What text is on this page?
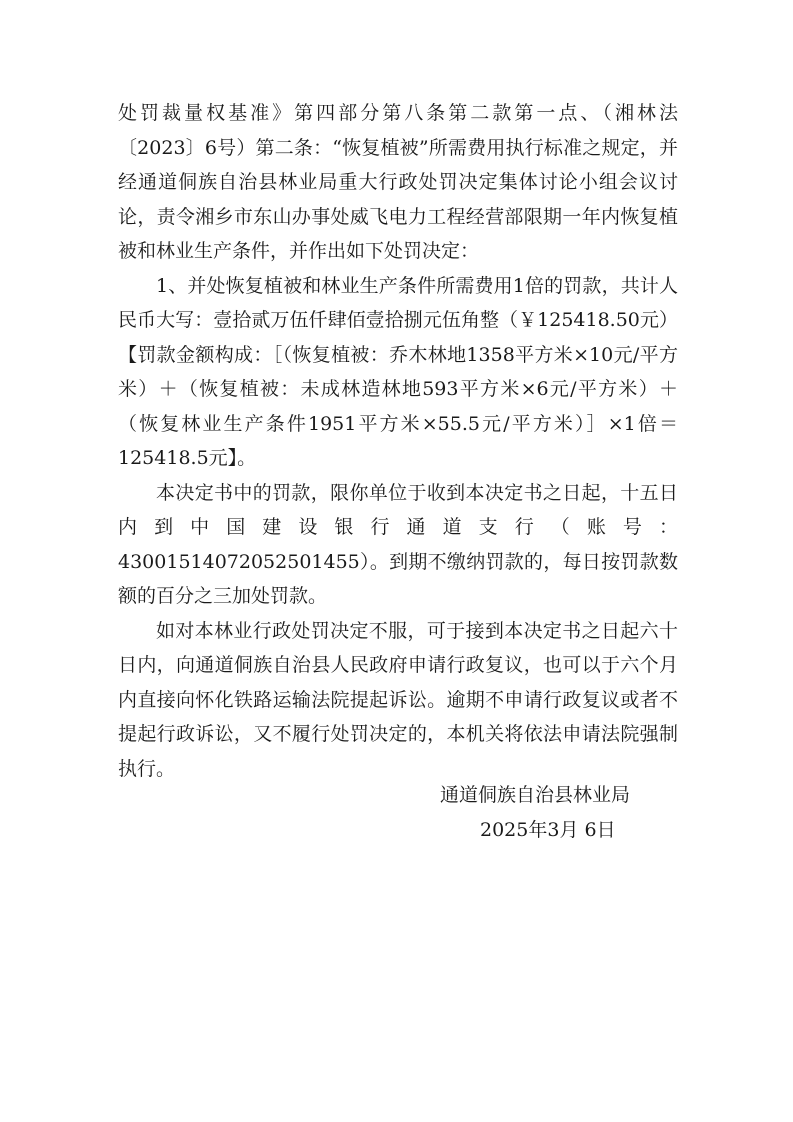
处罚裁量权基准》第四部分第八条第二款第一点、（湘林法〔2023〕6号）第二条：“恢复植被”所需费用执行标准之规定，并经通道侗族自治县林业局重大行政处罚决定集体讨论小组会议讨论，责令湘乡市东山办事处威飞电力工程经营部限期一年内恢复植被和林业生产条件，并作出如下处罚决定：

1、并处恢复植被和林业生产条件所需费用1倍的罚款，共计人民币大写：壹拾贰万伍仟肆佰壹拾捌元伍角整（￥125418.50元）【罚款金额构成：［（恢复植被：乔木林地1358平方米×10元/平方米）＋（恢复植被：未成林造林地593平方米×6元/平方米）＋（恢复林业生产条件1951平方米×55.5元/平方米）］×1倍＝125418.5元】。

本决定书中的罚款，限你单位于收到本决定书之日起，十五日内到中国建设银行通道支行（账号：43001514072052501455）。到期不缴纳罚款的，每日按罚款数额的百分之三加处罚款。

如对本林业行政处罚决定不服，可于接到本决定书之日起六十日内，向通道侗族自治县人民政府申请行政复议，也可以于六个月内直接向怀化铁路运输法院提起诉讼。逾期不申请行政复议或者不提起行政诉讼，又不履行处罚决定的，本机关将依法申请法院强制执行。

通道侗族自治县林业局
2025年3月 6日
